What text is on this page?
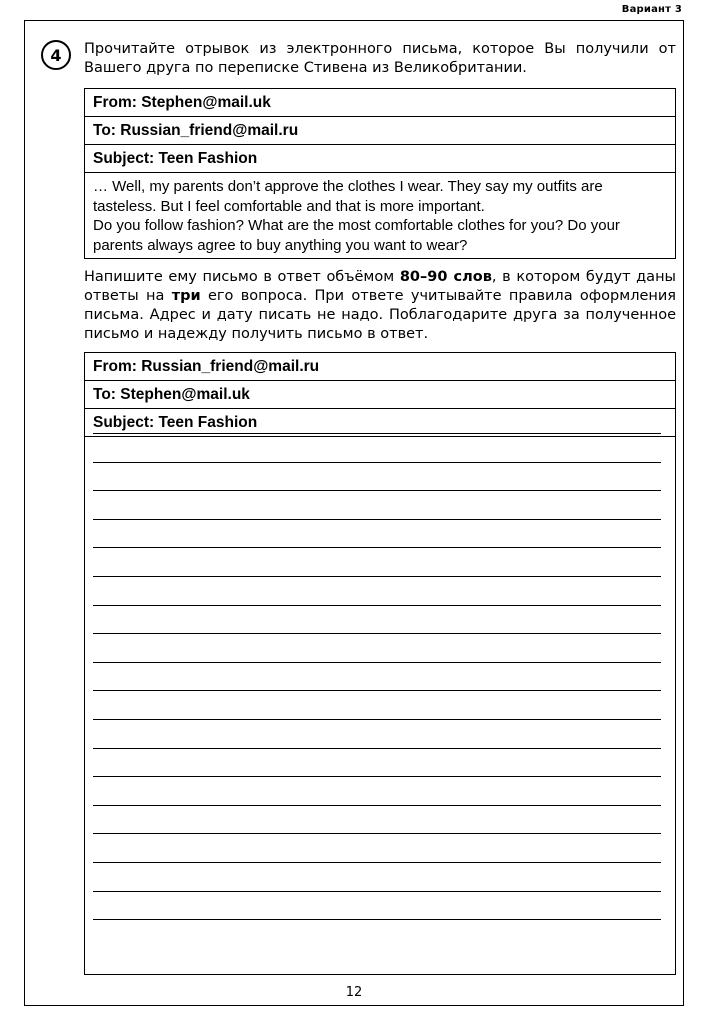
Вариант 3
4	Прочитайте отрывок из электронного письма, которое Вы получили от Вашего друга по переписке Стивена из Великобритании.
From: Stephen@mail.uk
To: Russian_friend@mail.ru
Subject: Teen Fashion
… Well, my parents don’t approve the clothes I wear. They say my outfits are
tasteless. But I feel comfortable and that is more important.
Do you follow fashion? What are the most comfortable clothes for you? Do your
parents always agree to buy anything you want to wear?
Напишите ему письмо в ответ объёмом 80–90 слов, в котором будут даны ответы на три его вопроса. При ответе учитывайте правила оформления письма. Адрес и дату писать не надо. Поблагодарите друга за полученное письмо и надежду получить письмо в ответ.
From: Russian_friend@mail.ru
To: Stephen@mail.uk
Subject: Teen Fashion
12
